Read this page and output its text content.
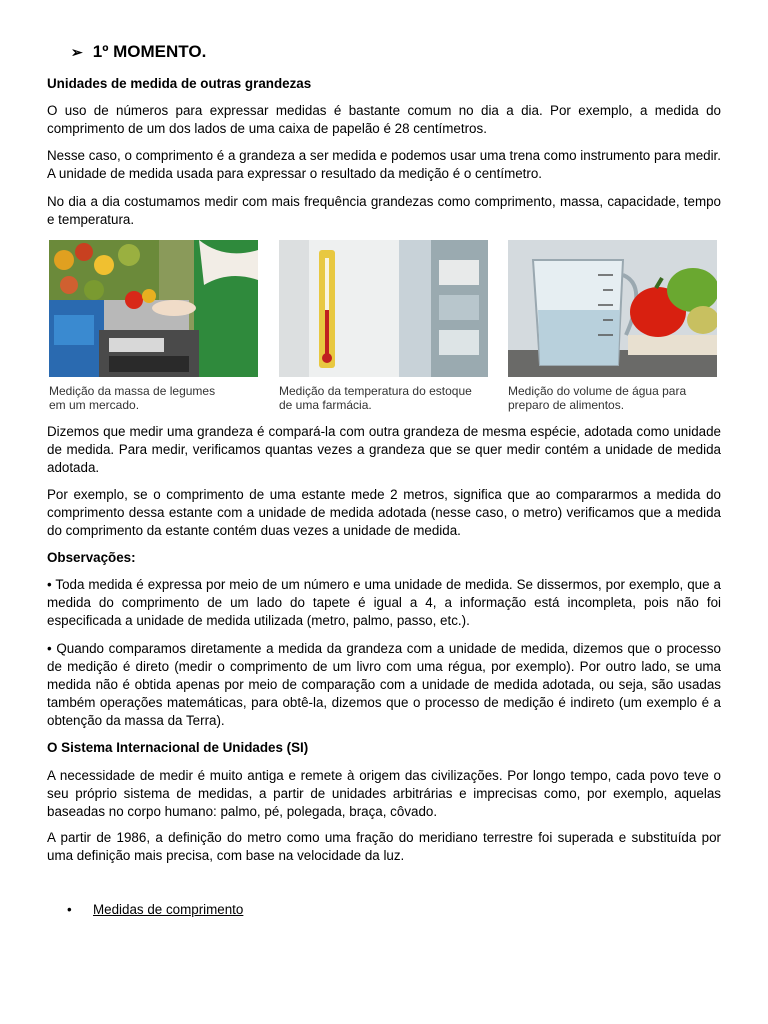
➢ 1º MOMENTO.
Unidades de medida de outras grandezas

O uso de números para expressar medidas é bastante comum no dia a dia. Por exemplo, a medida do comprimento de um dos lados de uma caixa de papelão é 28 centímetros.

Nesse caso, o comprimento é a grandeza a ser medida e podemos usar uma trena como instrumento para medir. A unidade de medida usada para expressar o resultado da medição é o centímetro.

No dia a dia costumamos medir com mais frequência grandezas como comprimento, massa, capacidade, tempo e temperatura.

Medição da massa de legumes
em um mercado.
Medição da temperatura do estoque
de uma farmácia.
Medição do volume de água para
preparo de alimentos.

Dizemos que medir uma grandeza é compará-la com outra grandeza de mesma espécie, adotada como unidade de medida. Para medir, verificamos quantas vezes a grandeza que se quer medir contém a unidade de medida adotada.

Por exemplo, se o comprimento de uma estante mede 2 metros, significa que ao compararmos a medida do comprimento dessa estante com a unidade de medida adotada (nesse caso, o metro) verificamos que a medida do comprimento da estante contém duas vezes a unidade de medida.

Observações:

• Toda medida é expressa por meio de um número e uma unidade de medida. Se dissermos, por exemplo, que a medida do comprimento de um lado do tapete é igual a 4, a informação está incompleta, pois não foi especificada a unidade de medida utilizada (metro, palmo, passo, etc.).

• Quando comparamos diretamente a medida da grandeza com a unidade de medida, dizemos que o processo de medição é direto (medir o comprimento de um livro com uma régua, por exemplo). Por outro lado, se uma medida não é obtida apenas por meio de comparação com a unidade de medida adotada, ou seja, são usadas também operações matemáticas, para obtê-la, dizemos que o processo de medição é indireto (um exemplo é a obtenção da massa da Terra).

O Sistema Internacional de Unidades (SI)

A necessidade de medir é muito antiga e remete à origem das civilizações. Por longo tempo, cada povo teve o seu próprio sistema de medidas, a partir de unidades arbitrárias e imprecisas como, por exemplo, aquelas baseadas no corpo humano: palmo, pé, polegada, braça, côvado.

A partir de 1986, a definição do metro como uma fração do meridiano terrestre foi superada e substituída por uma definição mais precisa, com base na velocidade da luz.

•	Medidas de comprimento
